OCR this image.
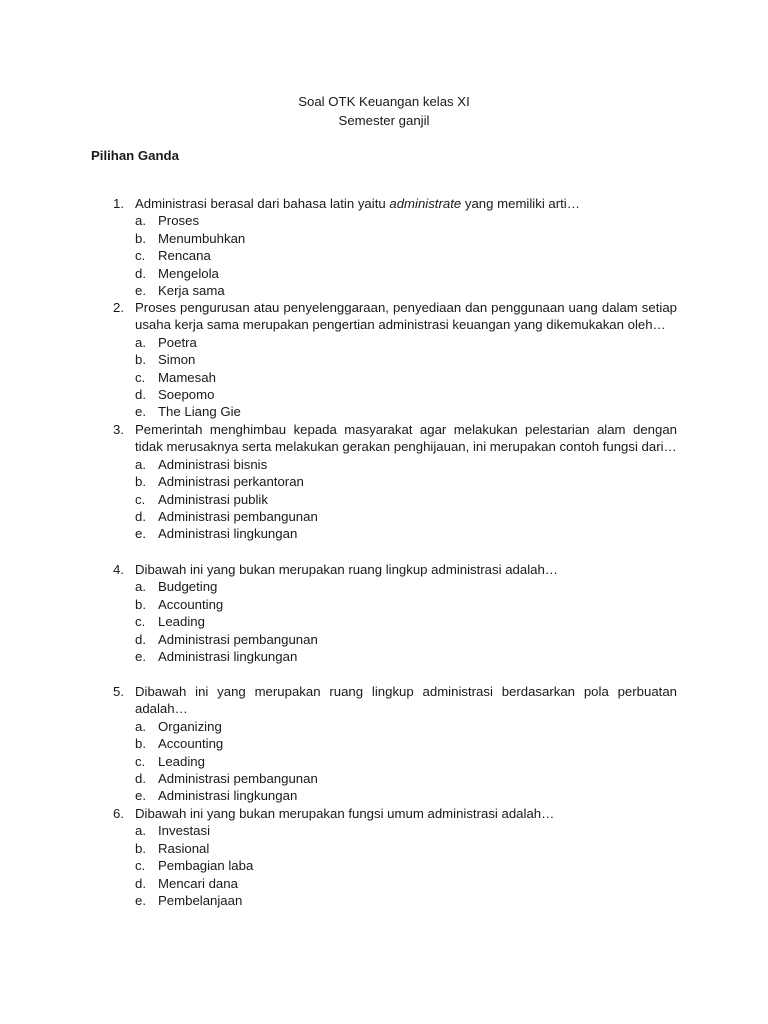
Soal OTK Keuangan kelas XI
Semester ganjil
Pilihan Ganda
1. Administrasi berasal dari bahasa latin yaitu administrate yang memiliki arti…
a. Proses
b. Menumbuhkan
c. Rencana
d. Mengelola
e. Kerja sama
2. Proses pengurusan atau penyelenggaraan, penyediaan dan penggunaan uang dalam setiap usaha kerja sama merupakan pengertian administrasi keuangan yang dikemukakan oleh…
a. Poetra
b. Simon
c. Mamesah
d. Soepomo
e. The Liang Gie
3. Pemerintah menghimbau kepada masyarakat agar melakukan pelestarian alam dengan tidak merusaknya serta melakukan gerakan penghijauan, ini merupakan contoh fungsi dari…
a. Administrasi bisnis
b. Administrasi perkantoran
c. Administrasi publik
d. Administrasi pembangunan
e. Administrasi lingkungan
4. Dibawah ini yang bukan merupakan ruang lingkup administrasi adalah…
a. Budgeting
b. Accounting
c. Leading
d. Administrasi pembangunan
e. Administrasi lingkungan
5. Dibawah ini yang merupakan ruang lingkup administrasi berdasarkan pola perbuatan adalah…
a. Organizing
b. Accounting
c. Leading
d. Administrasi pembangunan
e. Administrasi lingkungan
6. Dibawah ini yang bukan merupakan fungsi umum administrasi adalah…
a. Investasi
b. Rasional
c. Pembagian laba
d. Mencari dana
e. Pembelanjaan
